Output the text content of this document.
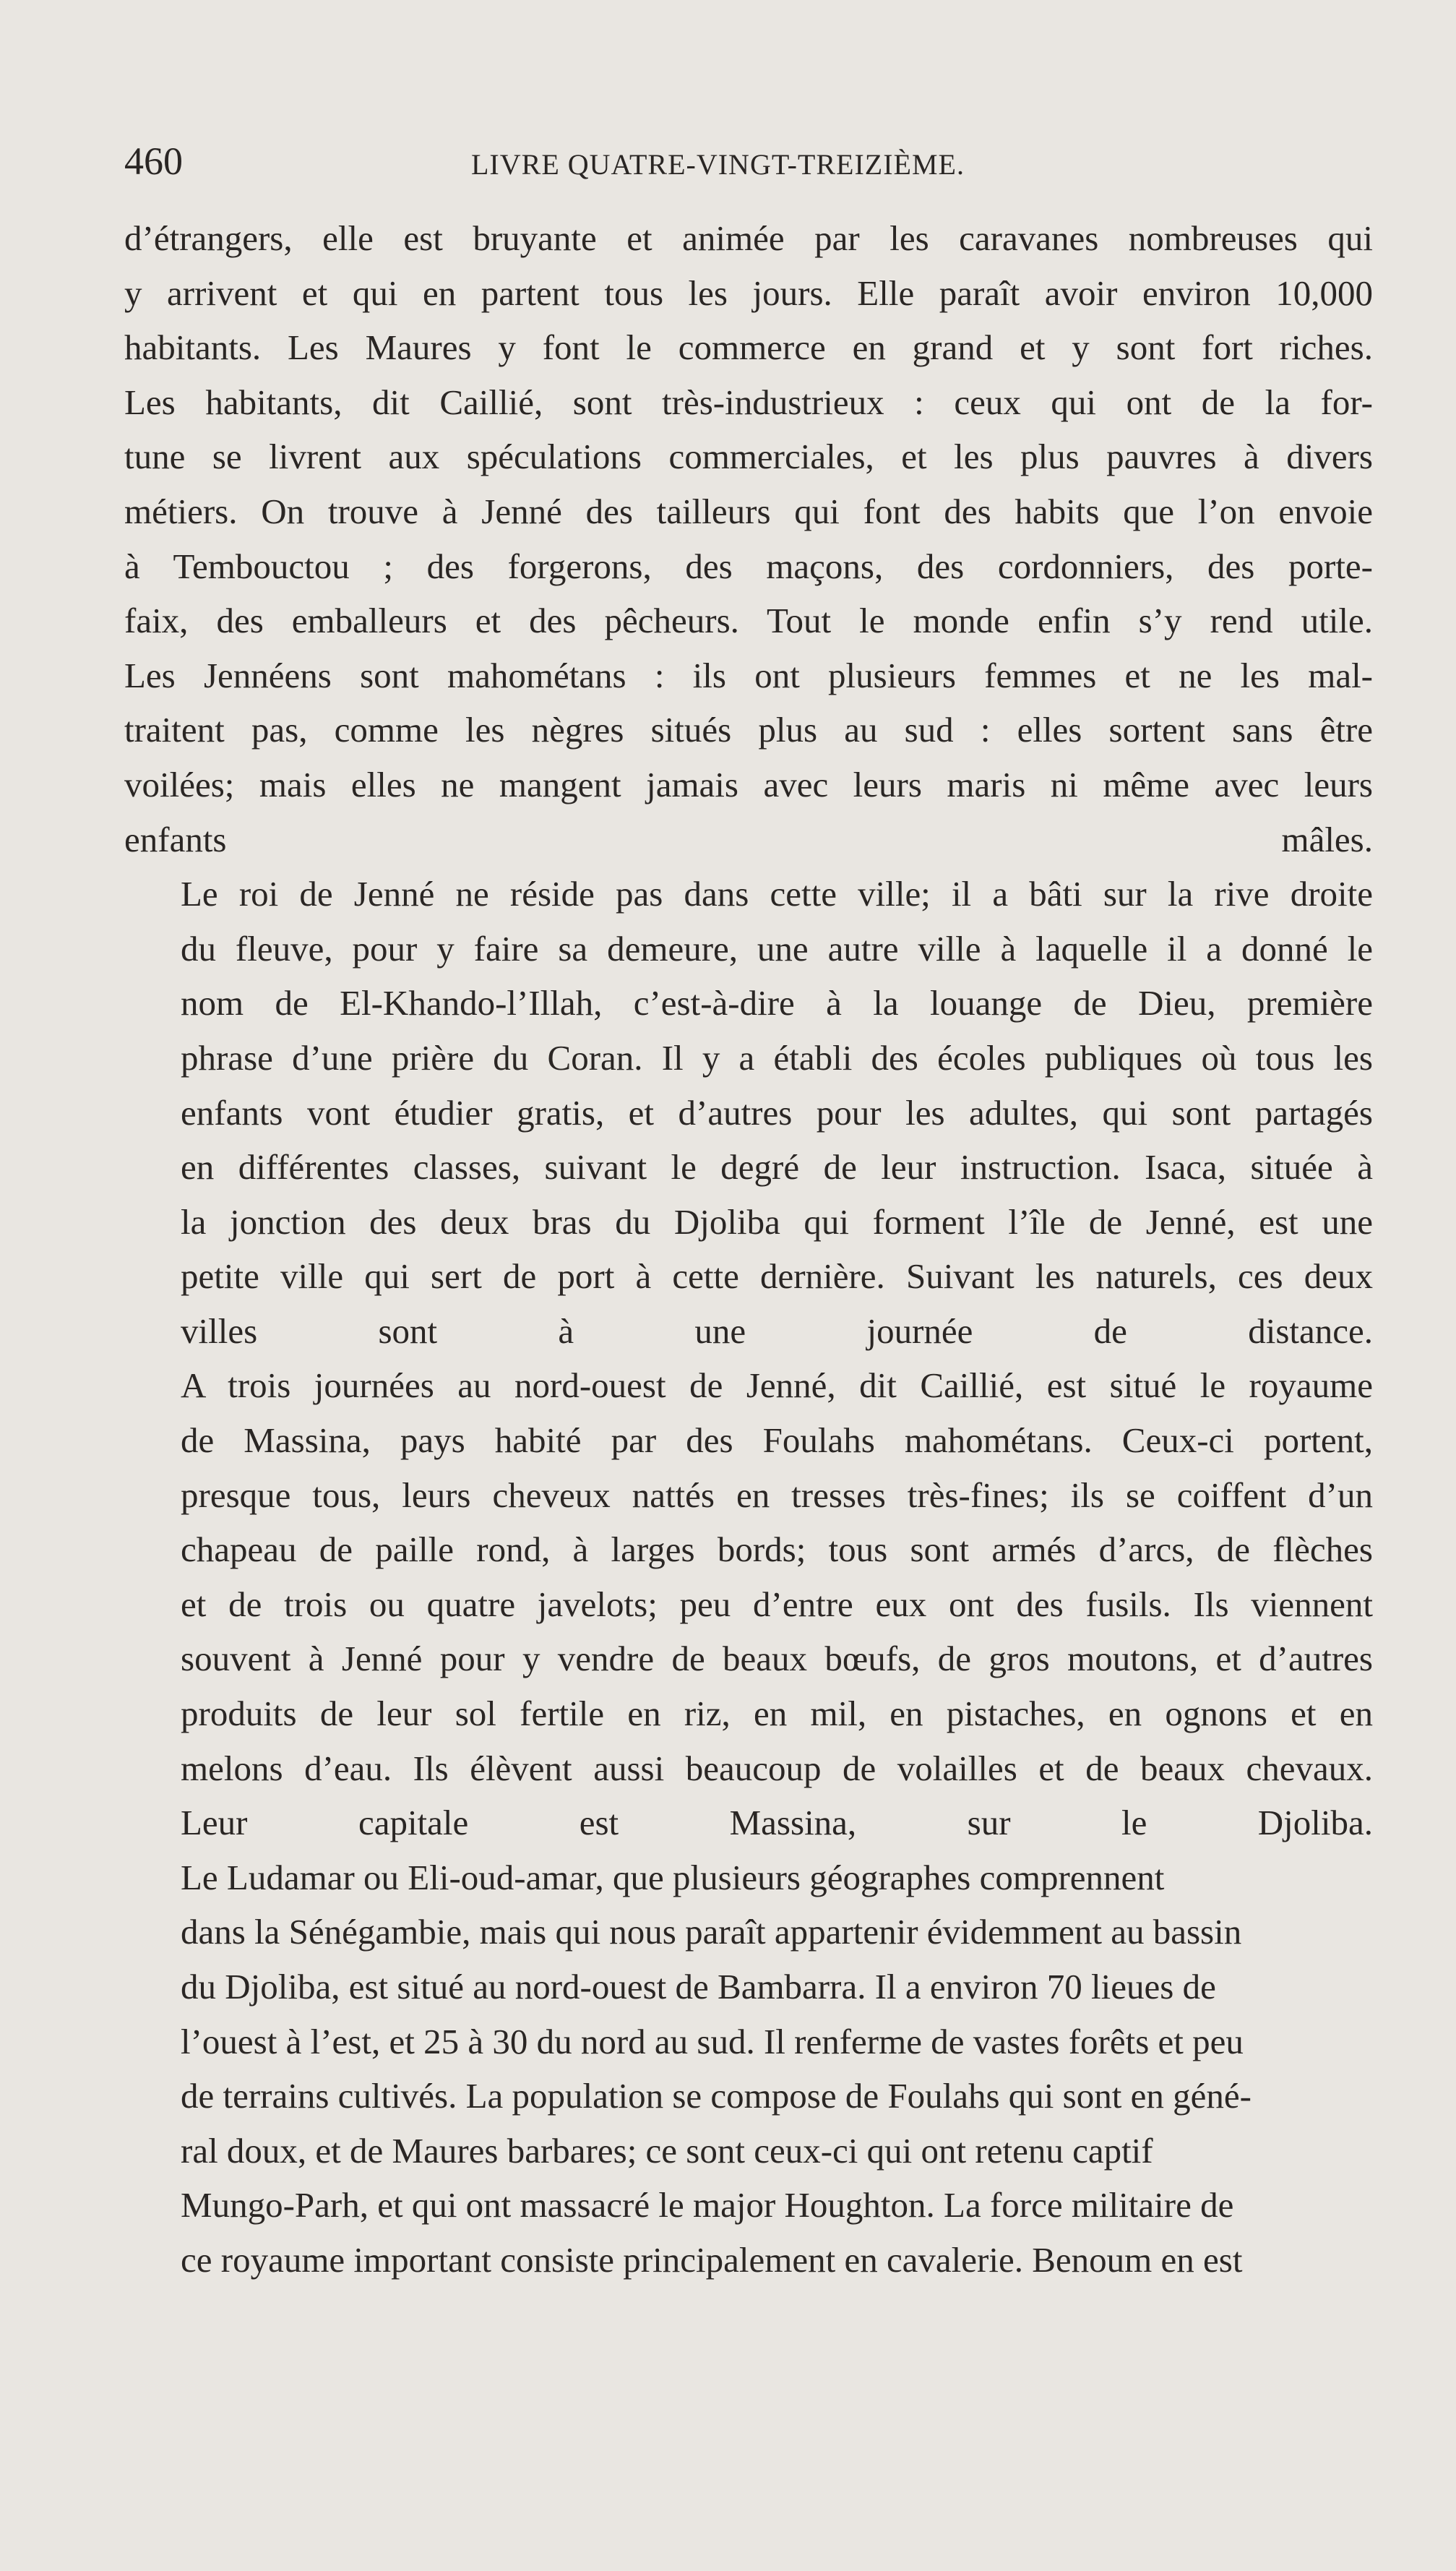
460	LIVRE QUATRE-VINGT-TREIZIÈME.

d’étrangers, elle est bruyante et animée par les caravanes nombreuses qui
y arrivent et qui en partent tous les jours. Elle paraît avoir environ 10,000
habitants. Les Maures y font le commerce en grand et y sont fort riches.
Les habitants, dit Caillié, sont très-industrieux : ceux qui ont de la for-
tune se livrent aux spéculations commerciales, et les plus pauvres à divers
métiers. On trouve à Jenné des tailleurs qui font des habits que l’on envoie
à Tembouctou ; des forgerons, des maçons, des cordonniers, des porte-
faix, des emballeurs et des pêcheurs. Tout le monde enfin s’y rend utile.
Les Jennéens sont mahométans : ils ont plusieurs femmes et ne les mal-
traitent pas, comme les nègres situés plus au sud : elles sortent sans être
voilées; mais elles ne mangent jamais avec leurs maris ni même avec leurs
enfants mâles.

Le roi de Jenné ne réside pas dans cette ville; il a bâti sur la rive droite
du fleuve, pour y faire sa demeure, une autre ville à laquelle il a donné le
nom de El-Khando-l’Illah, c’est-à-dire à la louange de Dieu, première
phrase d’une prière du Coran. Il y a établi des écoles publiques où tous les
enfants vont étudier gratis, et d’autres pour les adultes, qui sont partagés
en différentes classes, suivant le degré de leur instruction. Isaca, située à
la jonction des deux bras du Djoliba qui forment l’île de Jenné, est une
petite ville qui sert de port à cette dernière. Suivant les naturels, ces deux
villes sont à une journée de distance.

A trois journées au nord-ouest de Jenné, dit Caillié, est situé le royaume
de Massina, pays habité par des Foulahs mahométans. Ceux-ci portent,
presque tous, leurs cheveux nattés en tresses très-fines; ils se coiffent d’un
chapeau de paille rond, à larges bords; tous sont armés d’arcs, de flèches
et de trois ou quatre javelots; peu d’entre eux ont des fusils. Ils viennent
souvent à Jenné pour y vendre de beaux bœufs, de gros moutons, et d’autres
produits de leur sol fertile en riz, en mil, en pistaches, en ognons et en
melons d’eau. Ils élèvent aussi beaucoup de volailles et de beaux chevaux.
Leur capitale est Massina, sur le Djoliba.

Le Ludamar ou Eli-oud-amar, que plusieurs géographes comprennent
dans la Sénégambie, mais qui nous paraît appartenir évidemment au bassin
du Djoliba, est situé au nord-ouest de Bambarra. Il a environ 70 lieues de
l’ouest à l’est, et 25 à 30 du nord au sud. Il renferme de vastes forêts et peu
de terrains cultivés. La population se compose de Foulahs qui sont en géné-
ral doux, et de Maures barbares; ce sont ceux-ci qui ont retenu captif
Mungo-Parh, et qui ont massacré le major Houghton. La force militaire de
ce royaume important consiste principalement en cavalerie. Benoum en est
